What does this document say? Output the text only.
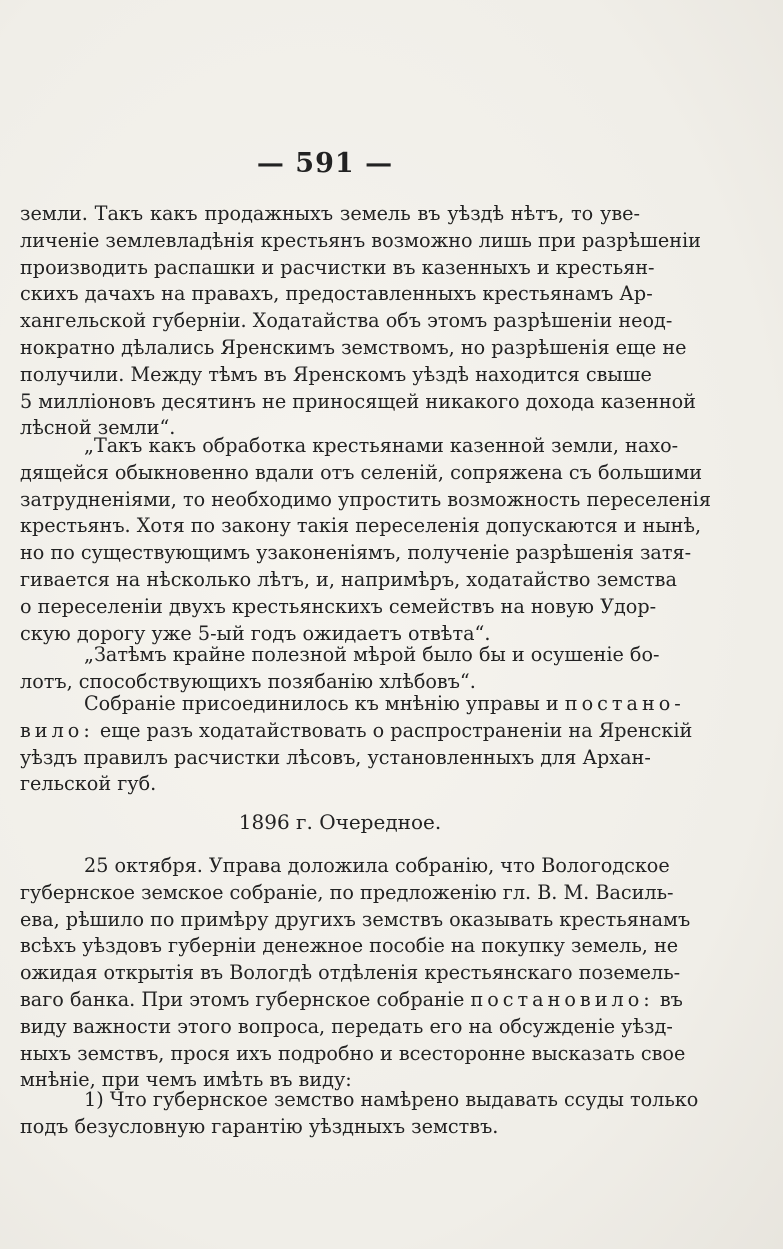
— 591 —
земли. Такъ какъ продажныхъ земель въ уѣздѣ нѣтъ, то уве-
личеніе землевладѣнія крестьянъ возможно лишь при разрѣшеніи
производить распашки и расчистки въ казенныхъ и крестьян-
скихъ дачахъ на правахъ, предоставленныхъ крестьянамъ Ар-
хангельской губерніи. Ходатайства объ этомъ разрѣшеніи неод-
нократно дѣлались Яренскимъ земствомъ, но разрѣшенія еще не
получили. Между тѣмъ въ Яренскомъ уѣздѣ находится свыше
5 милліоновъ десятинъ не приносящей никакого дохода казенной
лѣсной земли“.
„Такъ какъ обработка крестьянами казенной земли, нахо-
дящейся обыкновенно вдали отъ селеній, сопряжена съ большими
затрудненіями, то необходимо упростить возможность переселенія
крестьянъ. Хотя по закону такія переселенія допускаются и нынѣ,
но по существующимъ узаконеніямъ, полученіе разрѣшенія затя-
гивается на нѣсколько лѣтъ, и, напримѣръ, ходатайство земства
о переселеніи двухъ крестьянскихъ семействъ на новую Удор-
скую дорогу уже 5-ый годъ ожидаетъ отвѣта“.
„Затѣмъ крайне полезной мѣрой было бы и осушеніе бо-
лотъ, способствующихъ позябанію хлѣбовъ“.
Собраніе присоединилось къ мнѣнію управы и постано-
вило: еще разъ ходатайствовать о распространеніи на Яренскій
уѣздъ правилъ расчистки лѣсовъ, установленныхъ для Архан-
гельской губ.
1896 г. Очередное.
25 октября. Управа доложила собранію, что Вологодское
губернское земское собраніе, по предложенію гл. В. М. Василь-
ева, рѣшило по примѣру другихъ земствъ оказывать крестьянамъ
всѣхъ уѣздовъ губерніи денежное пособіе на покупку земель, не
ожидая открытія въ Вологдѣ отдѣленія крестьянскаго поземель-
ваго банка. При этомъ губернское собраніе постановило: въ
виду важности этого вопроса, передать его на обсужденіе уѣзд-
ныхъ земствъ, прося ихъ подробно и всесторонне высказать свое
мнѣніе, при чемъ имѣть въ виду:
1) Что губернское земство намѣрено выдавать ссуды только
подъ безусловную гарантію уѣздныхъ земствъ.
